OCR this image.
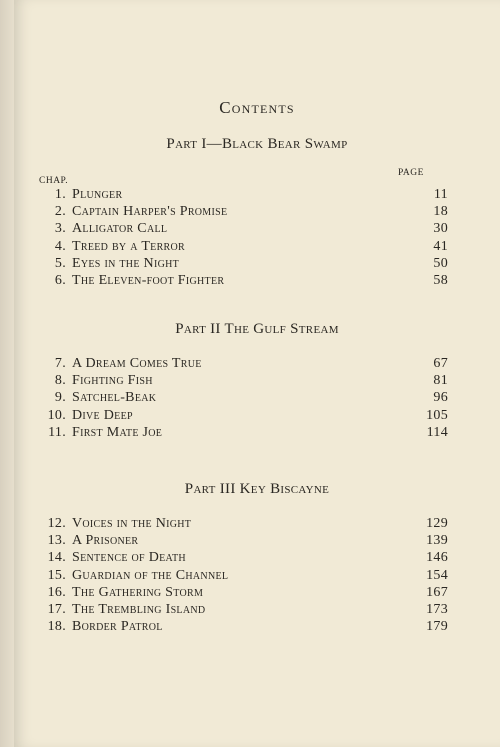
Contents
Part I—Black Bear Swamp
PAGE
CHAP.
1. Plunger	11
2. Captain Harper's Promise	18
3. Alligator Call	30
4. Treed by a Terror	41
5. Eyes in the Night	50
6. The Eleven-foot Fighter	58
Part II The Gulf Stream
7. A Dream Comes True	67
8. Fighting Fish	81
9. Satchel-Beak	96
10. Dive Deep	105
11. First Mate Joe	114
Part III Key Biscayne
12. Voices in the Night	129
13. A Prisoner	139
14. Sentence of Death	146
15. Guardian of the Channel	154
16. The Gathering Storm	167
17. The Trembling Island	173
18. Border Patrol	179
